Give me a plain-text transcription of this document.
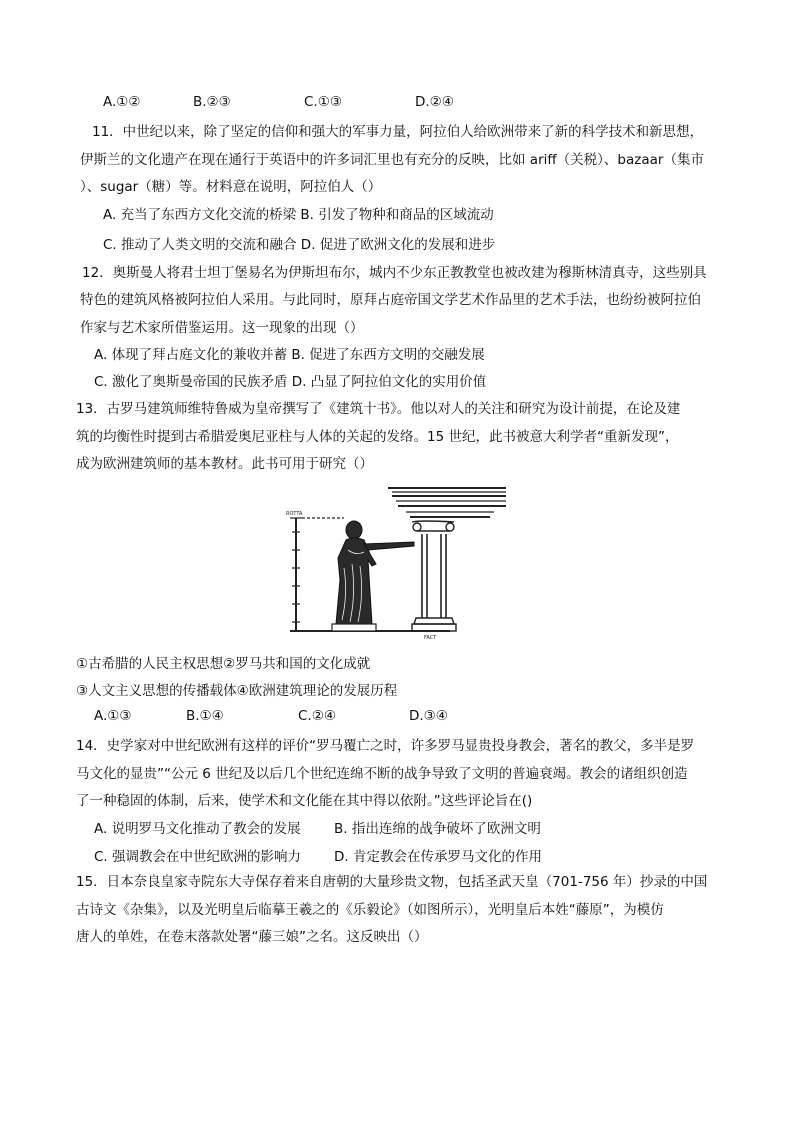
A.①②	B.②③	C.①③	D.②④
11．中世纪以来，除了坚定的信仰和强大的军事力量，阿拉伯人给欧洲带来了新的科学技术和新思想，
伊斯兰的文化遗产在现在通行于英语中的许多词汇里也有充分的反映，比如 ariff（关税）、bazaar（集市
）、sugar（糖）等。材料意在说明，阿拉伯人（）
A. 充当了东西方文化交流的桥梁 B. 引发了物种和商品的区域流动
C. 推动了人类文明的交流和融合 D. 促进了欧洲文化的发展和进步
12．奥斯曼人将君士坦丁堡易名为伊斯坦布尔，城内不少东正教教堂也被改建为穆斯林清真寺，这些别具
特色的建筑风格被阿拉伯人采用。与此同时，原拜占庭帝国文学艺术作品里的艺术手法，也纷纷被阿拉伯
作家与艺术家所借鉴运用。这一现象的出现（）
A. 体现了拜占庭文化的兼收并蓄 B. 促进了东西方文明的交融发展
C. 激化了奥斯曼帝国的民族矛盾 D. 凸显了阿拉伯文化的实用价值
13．古罗马建筑师维特鲁威为皇帝撰写了《建筑十书》。他以对人的关注和研究为设计前提，在论及建
筑的均衡性时提到古希腊爱奥尼亚柱与人体的关起的发络。15 世纪，此书被意大利学者“重新发现”，
成为欧洲建筑师的基本教材。此书可用于研究（）
ROTTA
FACT
①古希腊的人民主权思想②罗马共和国的文化成就
③人文主义思想的传播载体④欧洲建筑理论的发展历程
A.①③	B.①④	C.②④	D.③④
14．史学家对中世纪欧洲有这样的评价“罗马覆亡之时，许多罗马显贵投身教会，著名的教父，多半是罗
马文化的显贵”“公元 6 世纪及以后几个世纪连绵不断的战争导致了文明的普遍衰竭。教会的诸组织创造
了一种稳固的体制，后来，使学术和文化能在其中得以依附。”这些评论旨在()
A. 说明罗马文化推动了教会的发展 B. 指出连绵的战争破坏了欧洲文明
C. 强调教会在中世纪欧洲的影响力 D. 肯定教会在传承罗马文化的作用
15．日本奈良皇家寺院东大寺保存着来自唐朝的大量珍贵文物，包括圣武天皇（701-756 年）抄录的中国
古诗文《杂集》，以及光明皇后临摹王羲之的《乐毅论》（如图所示），光明皇后本姓“藤原”，为模仿
唐人的单姓，在卷末落款处署“藤三娘”之名。这反映出（）
